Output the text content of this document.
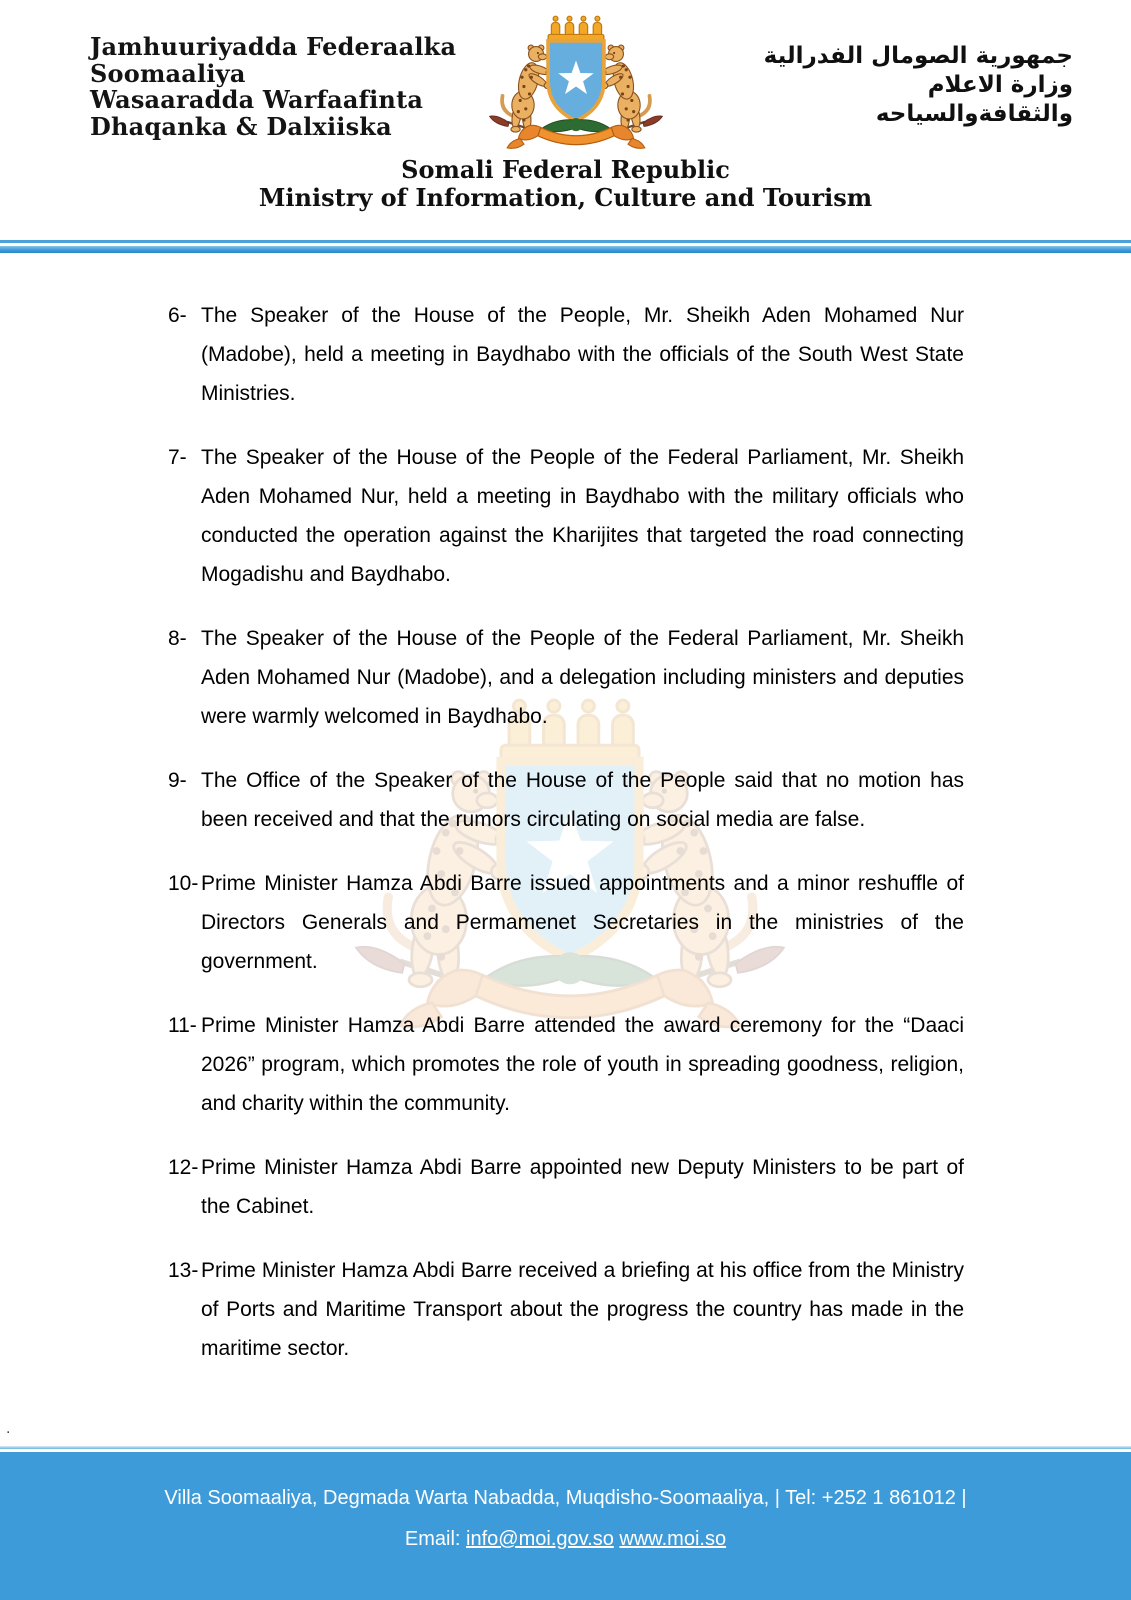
Jamhuuriyadda Federaalka
Soomaaliya
Wasaaradda Warfaafinta
Dhaqanka & Dalxiiska
جمهورية الصومال الفدرالية
وزارة الاعلام
والثقافةوالسياحه
Somali Federal Republic
Ministry of Information, Culture and Tourism

6- The Speaker of the House of the People, Mr. Sheikh Aden Mohamed Nur (Madobe), held a meeting in Baydhabo with the officials of the South West State Ministries.

7- The Speaker of the House of the People of the Federal Parliament, Mr. Sheikh Aden Mohamed Nur, held a meeting in Baydhabo with the military officials who conducted the operation against the Kharijites that targeted the road connecting Mogadishu and Baydhabo.

8- The Speaker of the House of the People of the Federal Parliament, Mr. Sheikh Aden Mohamed Nur (Madobe), and a delegation including ministers and deputies were warmly welcomed in Baydhabo.

9- The Office of the Speaker of the House of the People said that no motion has been received and that the rumors circulating on social media are false.

10- Prime Minister Hamza Abdi Barre issued appointments and a minor reshuffle of Directors Generals and Permamenet Secretaries in the ministries of the government.

11- Prime Minister Hamza Abdi Barre attended the award ceremony for the “Daaci 2026” program, which promotes the role of youth in spreading goodness, religion, and charity within the community.

12- Prime Minister Hamza Abdi Barre appointed new Deputy Ministers to be part of the Cabinet.

13- Prime Minister Hamza Abdi Barre received a briefing at his office from the Ministry of Ports and Maritime Transport about the progress the country has made in the maritime sector.

.
Villa Soomaaliya, Degmada Warta Nabadda, Muqdisho-Soomaaliya, | Tel: +252 1 861012 |
Email: info@moi.gov.so www.moi.so
